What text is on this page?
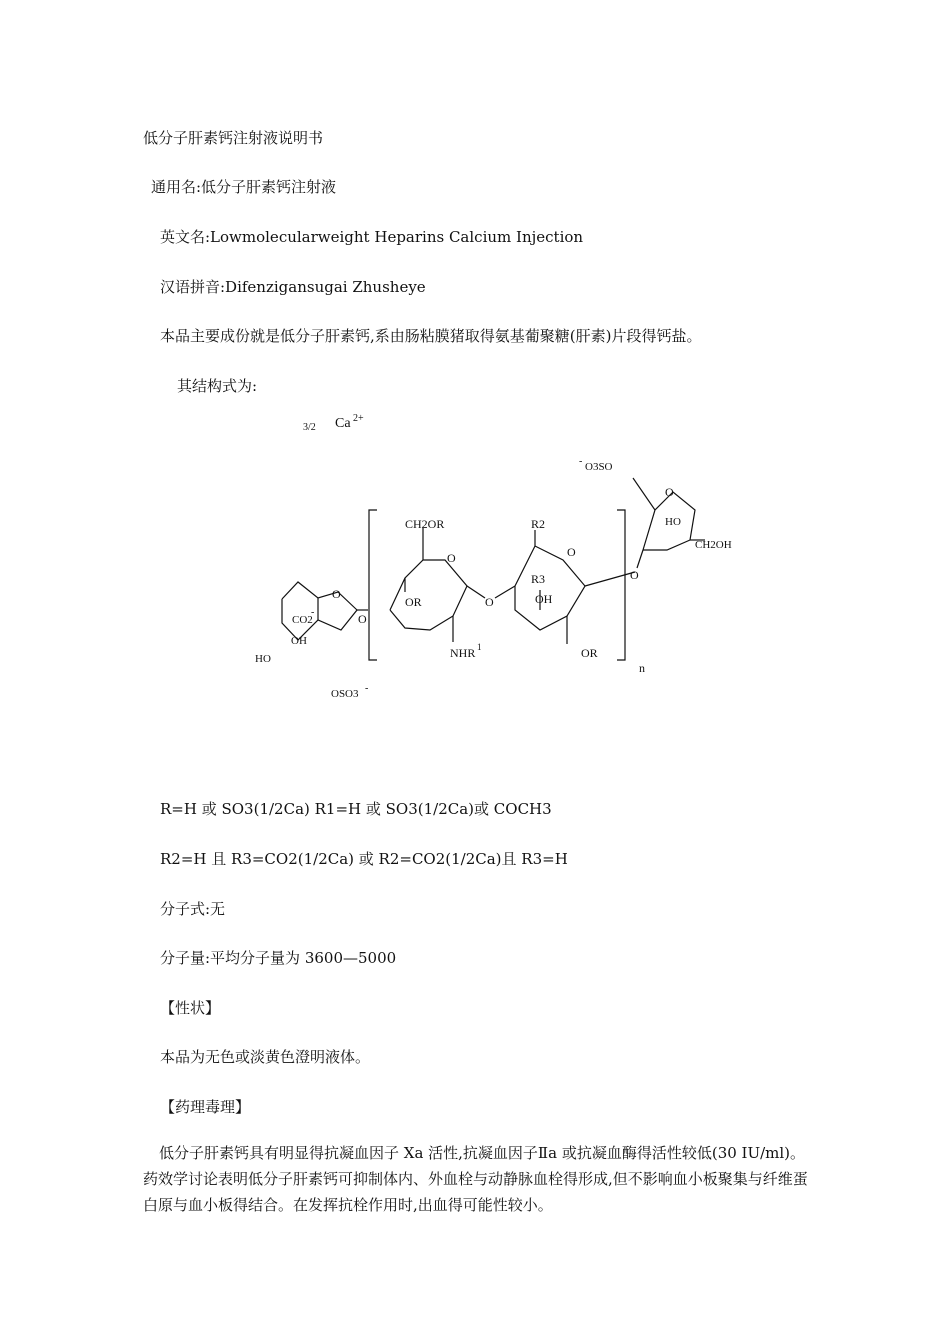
低分子肝素钙注射液说明书
通用名:低分子肝素钙注射液
英文名:Lowmolecularweight Heparins Calcium Injection
汉语拼音:Difenzigansugai Zhusheye
本品主要成份就是低分子肝素钙,系由肠粘膜猪取得氨基葡聚糖(肝素)片段得钙盐。
其结构式为:
3/2 Ca 2+
O
CO2
-
OH
HO
OSO3 -
O
CH2OR
O
OR
NHR 1
O
R2
O
R3
OH
OR
n
O
- O3SO
O
HO
CH2OH
R=H 或 SO3(1/2Ca) R1=H 或 SO3(1/2Ca)或 COCH3
R2=H 且 R3=CO2(1/2Ca) 或 R2=CO2(1/2Ca)且 R3=H
分子式:无
分子量:平均分子量为 3600—5000
【性状】
本品为无色或淡黄色澄明液体。
【药理毒理】
低分子肝素钙具有明显得抗凝血因子 Xa 活性,抗凝血因子Ⅱa 或抗凝血酶得活性较低(30 IU/ml)。药效学讨论表明低分子肝素钙可抑制体内、外血栓与动静脉血栓得形成,但不影响血小板聚集与纤维蛋白原与血小板得结合。在发挥抗栓作用时,出血得可能性较小。
